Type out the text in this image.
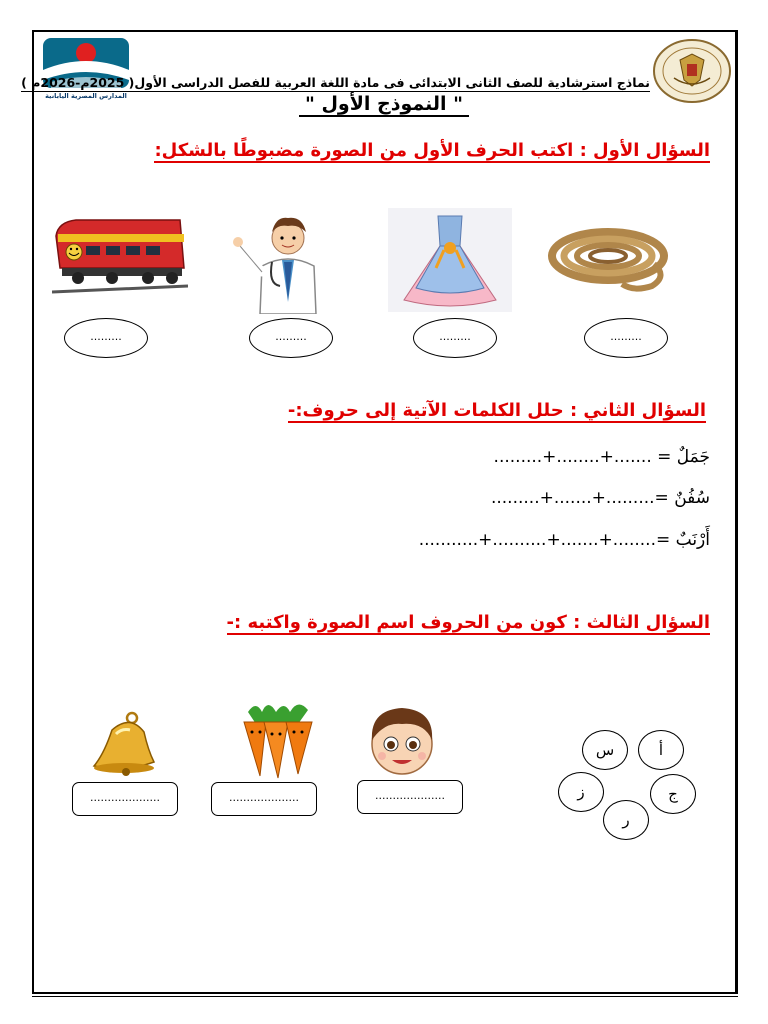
المدارس المصرية اليابانية
نماذج استرشادية للصف الثانى الابتدائى فى مادة اللغة العربية للفصل الدراسى الأول( 2025م-2026م )
" النموذج الأول "
السؤال الأول : اكتب الحرف الأول من الصورة مضبوطًا بالشكل:
.........	.........	.........	.........
السؤال الثاني : حلل الكلمات الآتية إلى حروف:-
جَمَلٌ = .......+........+.........
سُفُنٌ =.........+.......+.........
أَرْنَبٌ =........+.......+..........+...........
السؤال الثالث : كون من الحروف اسم الصورة واكتبه :-
....................	....................	....................
س	أ
ز	ج
ر
